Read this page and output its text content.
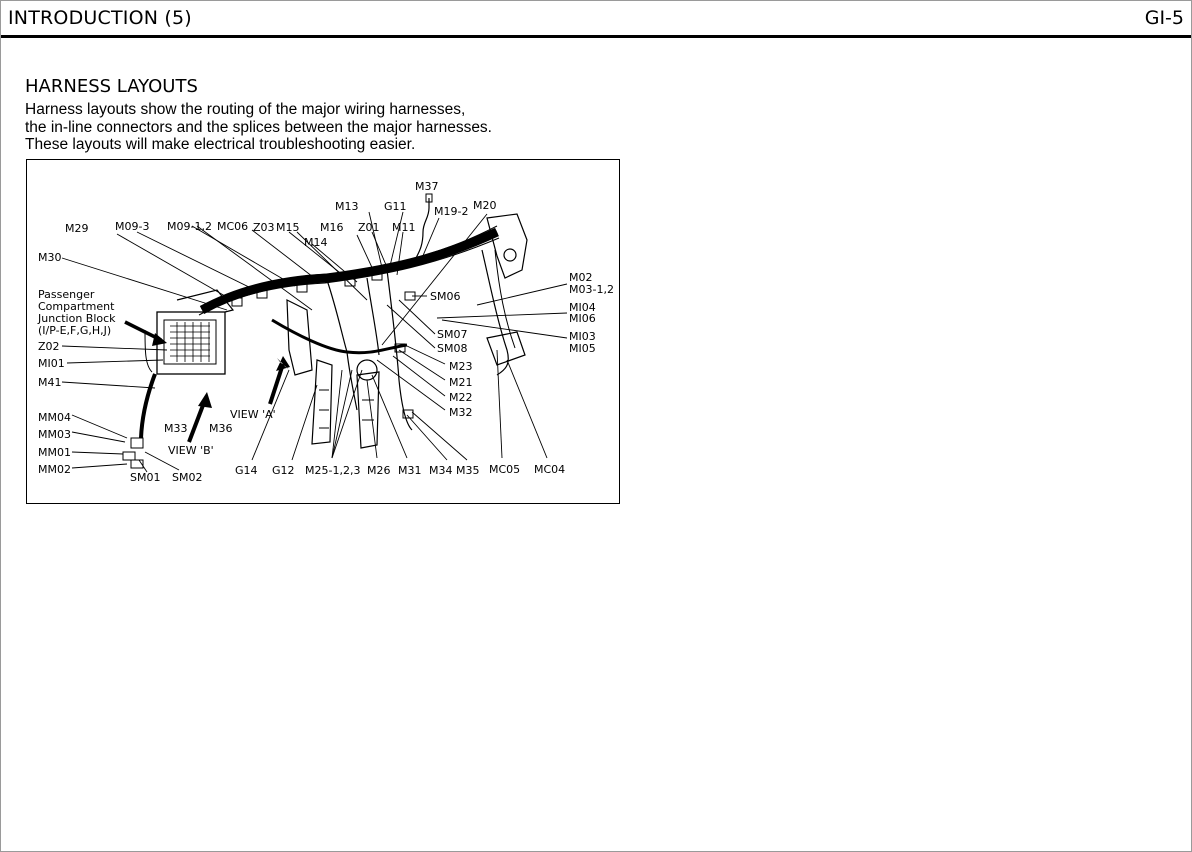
INTRODUCTION (5)	GI-5
HARNESS LAYOUTS
Harness layouts show the routing of the major wiring harnesses,
the in-line connectors and the splices between the major harnesses.
These layouts will make electrical troubleshooting easier.
M37
M13 G11 M19-2 M20
M29 M09-3 M09-1,2 MC06 Z03 M15 M16 Z01 M11
M14
M30
Passenger
Compartment
Junction Block
(I/P-E,F,G,H,J)
Z02
MI01
M41
SM06
M02
M03-1,2
MI04
MI06
MI03
MI05
SM07
SM08
M23
M21
M22
M32
VIEW 'A'
M33 M36
VIEW 'B'
MM04
MM03
MM01
MM02
SM01 SM02
G14 G12 M25-1,2,3 M26 M31 M34 M35 MC05 MC04
